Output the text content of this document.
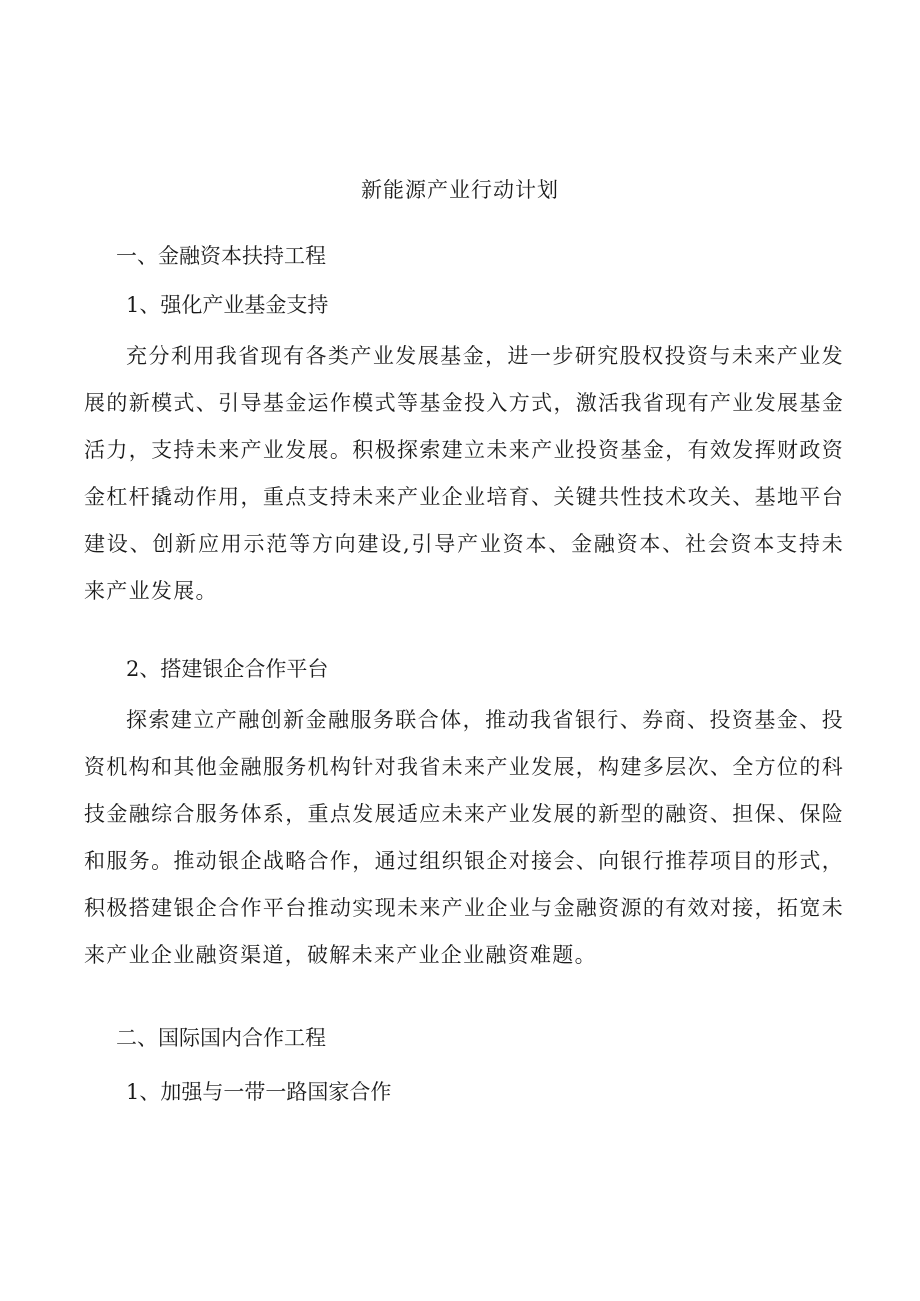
新能源产业行动计划
一、金融资本扶持工程
1、强化产业基金支持

充分利用我省现有各类产业发展基金，进一步研究股权投资与未来产业发展的新模式、引导基金运作模式等基金投入方式，激活我省现有产业发展基金活力，支持未来产业发展。积极探索建立未来产业投资基金，有效发挥财政资金杠杆撬动作用，重点支持未来产业企业培育、关键共性技术攻关、基地平台建设、创新应用示范等方向建设,引导产业资本、金融资本、社会资本支持未来产业发展。

2、搭建银企合作平台

探索建立产融创新金融服务联合体，推动我省银行、券商、投资基金、投资机构和其他金融服务机构针对我省未来产业发展，构建多层次、全方位的科技金融综合服务体系，重点发展适应未来产业发展的新型的融资、担保、保险和服务。推动银企战略合作，通过组织银企对接会、向银行推荐项目的形式，积极搭建银企合作平台推动实现未来产业企业与金融资源的有效对接，拓宽未来产业企业融资渠道，破解未来产业企业融资难题。

二、国际国内合作工程
1、加强与一带一路国家合作
